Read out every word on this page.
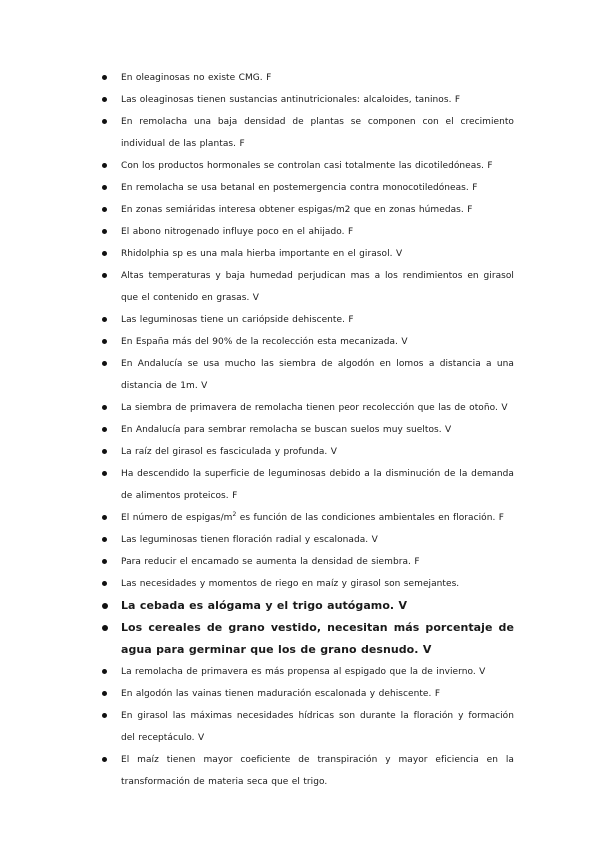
En oleaginosas no existe CMG. F
Las oleaginosas tienen sustancias antinutricionales: alcaloides, taninos. F
En remolacha una baja densidad de plantas se componen con el crecimiento individual de las plantas. F
Con los productos hormonales se controlan casi totalmente las dicotiledóneas. F
En remolacha se usa betanal en postemergencia contra monocotiledóneas. F
En zonas semiáridas interesa obtener espigas/m2 que en zonas húmedas. F
El abono nitrogenado influye poco en el ahijado. F
Rhidolphia sp es una mala hierba importante en el girasol. V
Altas temperaturas y baja humedad perjudican mas a los rendimientos en girasol que el contenido en grasas. V
Las leguminosas tiene un cariópside dehiscente. F
En España más del 90% de la recolección esta mecanizada. V
En Andalucía se usa mucho las siembra de algodón en lomos a distancia a una distancia de 1m. V
La siembra de primavera de remolacha tienen peor recolección que las de otoño. V
En Andalucía para sembrar remolacha se buscan suelos muy sueltos. V
La raíz del girasol es fasciculada y profunda. V
Ha descendido la superficie de leguminosas debido a la disminución de la demanda de alimentos proteicos. F
El número de espigas/$m^2$ es función de las condiciones ambientales en floración. F
Las leguminosas tienen floración radial y escalonada. V
Para reducir el encamado se aumenta la densidad de siembra. F
Las necesidades y momentos de riego en maíz y girasol son semejantes.
La cebada es alógama y el trigo autógamo. V
Los cereales de grano vestido, necesitan más porcentaje de agua para germinar que los de grano desnudo. V
La remolacha de primavera es más propensa al espigado que la de invierno. V
En algodón las vainas tienen maduración escalonada y dehiscente. F
En girasol las máximas necesidades hídricas son durante la floración y formación del receptáculo. V
El maíz tienen mayor coeficiente de transpiración y mayor eficiencia en la transformación de materia seca que el trigo.
